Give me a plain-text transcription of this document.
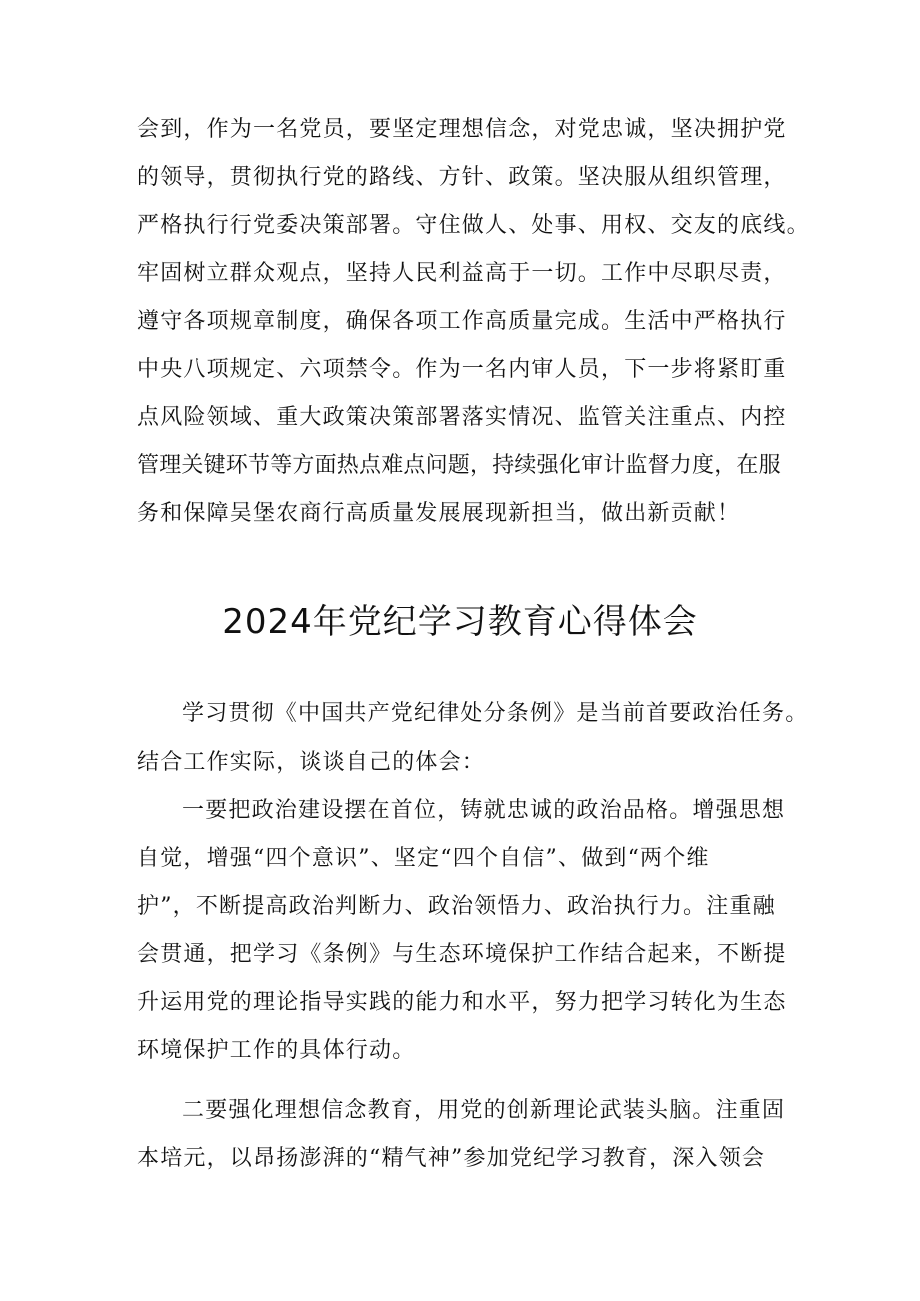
会到，作为一名党员，要坚定理想信念，对党忠诚，坚决拥护党
的领导，贯彻执行党的路线、方针、政策。坚决服从组织管理，
严格执行行党委决策部署。守住做人、处事、用权、交友的底线。
牢固树立群众观点，坚持人民利益高于一切。工作中尽职尽责，
遵守各项规章制度，确保各项工作高质量完成。生活中严格执行
中央八项规定、六项禁令。作为一名内审人员，下一步将紧盯重
点风险领域、重大政策决策部署落实情况、监管关注重点、内控
管理关键环节等方面热点难点问题，持续强化审计监督力度，在服
务和保障吴堡农商行高质量发展展现新担当，做出新贡献！
2024年党纪学习教育心得体会
学习贯彻《中国共产党纪律处分条例》是当前首要政治任务。
结合工作实际，谈谈自己的体会：
一要把政治建设摆在首位，铸就忠诚的政治品格。增强思想
自觉，增强“四个意识”、坚定“四个自信”、做到“两个维
护”，不断提高政治判断力、政治领悟力、政治执行力。注重融
会贯通，把学习《条例》与生态环境保护工作结合起来，不断提
升运用党的理论指导实践的能力和水平，努力把学习转化为生态
环境保护工作的具体行动。
二要强化理想信念教育，用党的创新理论武装头脑。注重固
本培元，以昂扬澎湃的“精气神”参加党纪学习教育，深入领会
